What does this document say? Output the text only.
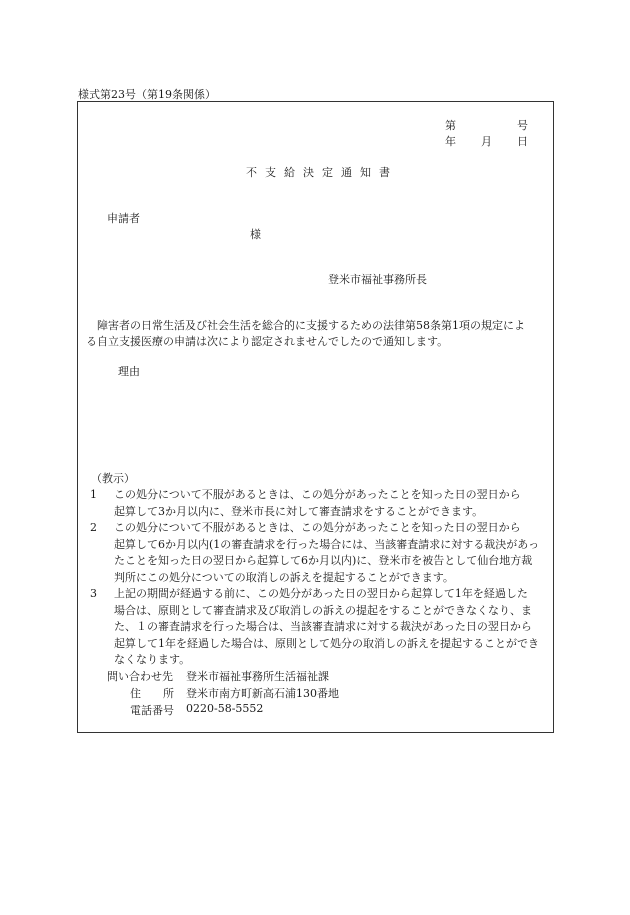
様式第23号（第19条関係）
第	号
年 月 日
不支給決定通知書
申請者
様
登米市福祉事務所長
障害者の日常生活及び社会生活を総合的に支援するための法律第58条第1項の規定によ
る自立支援医療の申請は次により認定されませんでしたので通知します。
理由
（教示）
1 この処分について不服があるときは、この処分があったことを知った日の翌日から
起算して3か月以内に、登米市長に対して審査請求をすることができます。
2 この処分について不服があるときは、この処分があったことを知った日の翌日から
起算して6か月以内(1の審査請求を行った場合には、当該審査請求に対する裁決があっ
たことを知った日の翌日から起算して6か月以内)に、登米市を被告として仙台地方裁
判所にこの処分についての取消しの訴えを提起することができます。
3 上記の期間が経過する前に、この処分があった日の翌日から起算して1年を経過した
場合は、原則として審査請求及び取消しの訴えの提起をすることができなくなり、ま
た、１の審査請求を行った場合は、当該審査請求に対する裁決があった日の翌日から
起算して1年を経過した場合は、原則として処分の取消しの訴えを提起することができ
なくなります。
問い合わせ先 登米市福祉事務所生活福祉課
住　　所 登米市南方町新高石浦130番地
電話番号 0220-58-5552
